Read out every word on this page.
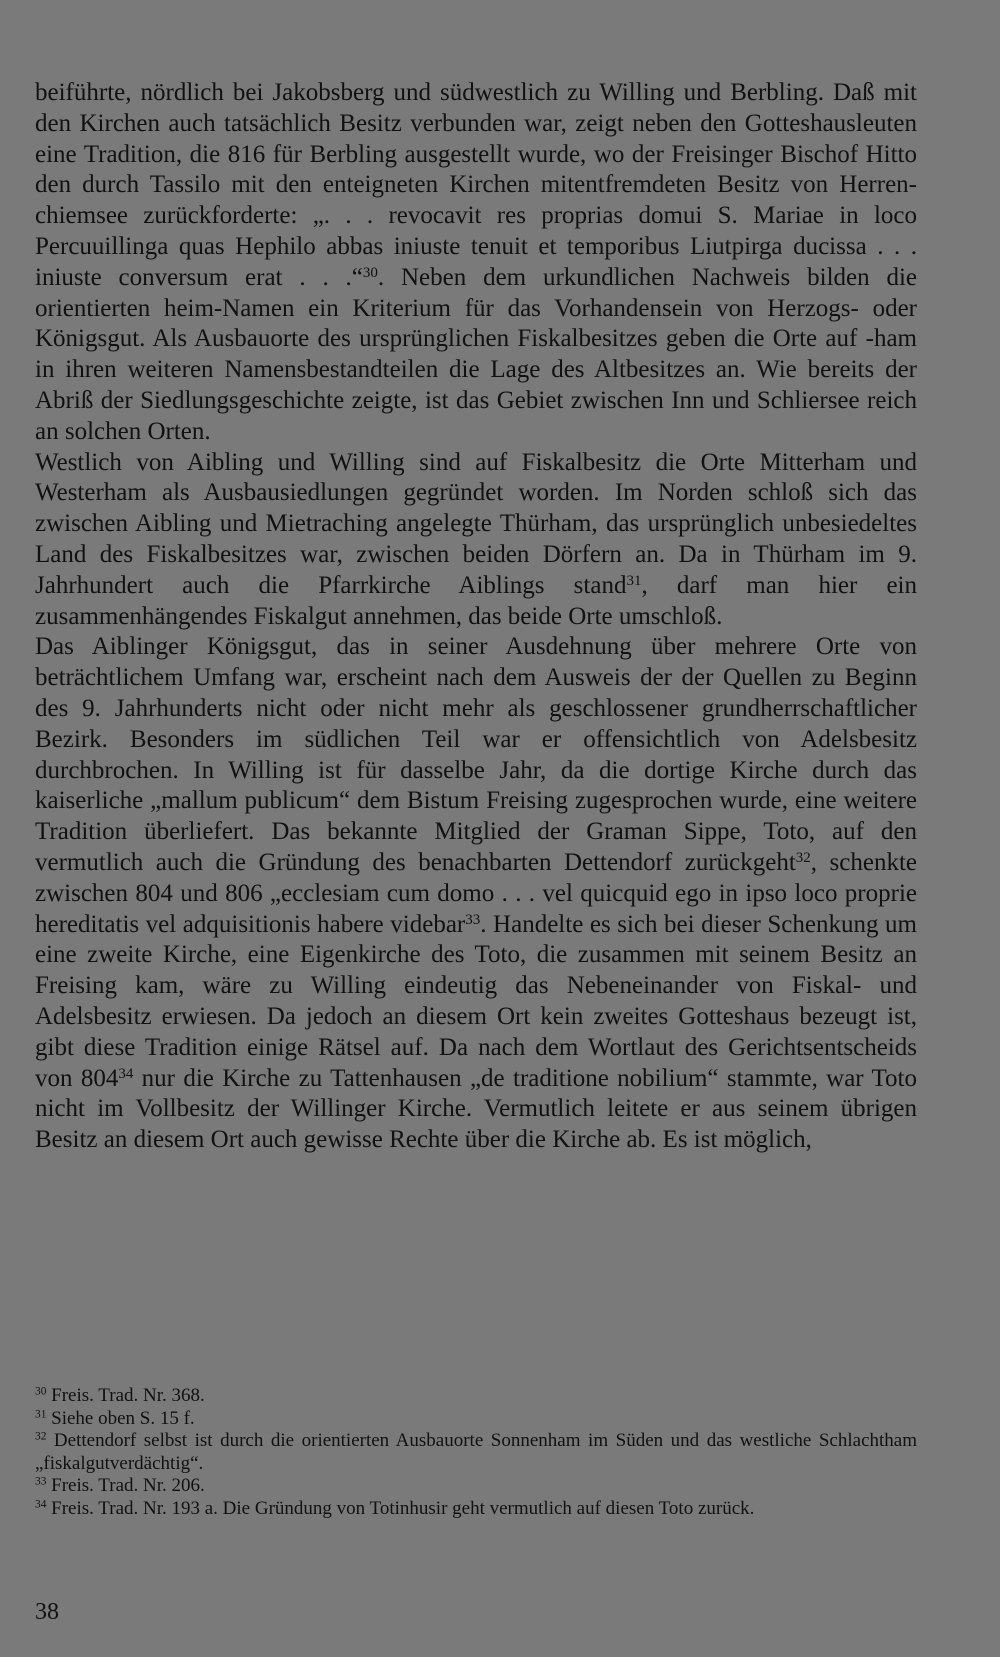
beiführte, nördlich bei Jakobsberg und südwestlich zu Willing und Berbling. Daß mit den Kirchen auch tatsächlich Besitz verbunden war, zeigt neben den Gotteshausleuten eine Tradition, die 816 für Berbling ausgestellt wurde, wo der Freisinger Bischof Hitto den durch Tassilo mit den enteigneten Kirchen mitentfremdeten Besitz von Herren-chiemsee zurückforderte: „. . . revocavit res proprias domui S. Mariae in loco Percuuillinga quas Hephilo abbas iniuste tenuit et temporibus Liutpirga ducissa . . . iniuste conversum erat . . .“$^{30}$. Neben dem urkundlichen Nachweis bilden die orientierten heim-Namen ein Kriterium für das Vorhandensein von Herzogs- oder Königsgut. Als Ausbauorte des ursprünglichen Fiskalbesitzes geben die Orte auf -ham in ihren weiteren Namensbestandteilen die Lage des Altbesitzes an. Wie bereits der Abriß der Siedlungsgeschichte zeigte, ist das Gebiet zwischen Inn und Schliersee reich an solchen Orten.

Westlich von Aibling und Willing sind auf Fiskalbesitz die Orte Mitterham und Westerham als Ausbausiedlungen gegründet worden. Im Norden schloß sich das zwischen Aibling und Mietraching angelegte Thürham, das ursprünglich unbesiedeltes Land des Fiskalbesitzes war, zwischen beiden Dörfern an. Da in Thürham im 9. Jahrhundert auch die Pfarrkirche Aiblings stand$^{31}$, darf man hier ein zusammenhängendes Fiskalgut annehmen, das beide Orte umschloß.

Das Aiblinger Königsgut, das in seiner Ausdehnung über mehrere Orte von beträchtlichem Umfang war, erscheint nach dem Ausweis der der Quellen zu Beginn des 9. Jahrhunderts nicht oder nicht mehr als geschlossener grundherrschaftlicher Bezirk. Besonders im südlichen Teil war er offensichtlich von Adelsbesitz durchbrochen. In Willing ist für dasselbe Jahr, da die dortige Kirche durch das kaiserliche „mallum publicum“ dem Bistum Freising zugesprochen wurde, eine weitere Tradition überliefert. Das bekannte Mitglied der Graman Sippe, Toto, auf den vermutlich auch die Gründung des benachbarten Dettendorf zurückgeht$^{32}$, schenkte zwischen 804 und 806 „ecclesiam cum domo . . . vel quicquid ego in ipso loco proprie hereditatis vel adquisitionis habere videbar$^{33}$. Handelte es sich bei dieser Schenkung um eine zweite Kirche, eine Eigenkirche des Toto, die zusammen mit seinem Besitz an Freising kam, wäre zu Willing eindeutig das Nebeneinander von Fiskal- und Adelsbesitz erwiesen. Da jedoch an diesem Ort kein zweites Gotteshaus bezeugt ist, gibt diese Tradition einige Rätsel auf. Da nach dem Wortlaut des Gerichtsentscheids von $804^{34}$ nur die Kirche zu Tattenhausen „de traditione nobilium“ stammte, war Toto nicht im Vollbesitz der Willinger Kirche. Vermutlich leitete er aus seinem übrigen Besitz an diesem Ort auch gewisse Rechte über die Kirche ab. Es ist möglich,

$^{30}$ Freis. Trad. Nr. 368.

$^{31}$ Siehe oben S. 15 f.

$^{32}$ Dettendorf selbst ist durch die orientierten Ausbauorte Sonnenham im Süden und das westliche Schlachtham „fiskalgutverdächtig“.

$^{33}$ Freis. Trad. Nr. 206.

$^{34}$ Freis. Trad. Nr. 193 a. Die Gründung von Totinhusir geht vermutlich auf diesen Toto zurück.

38
